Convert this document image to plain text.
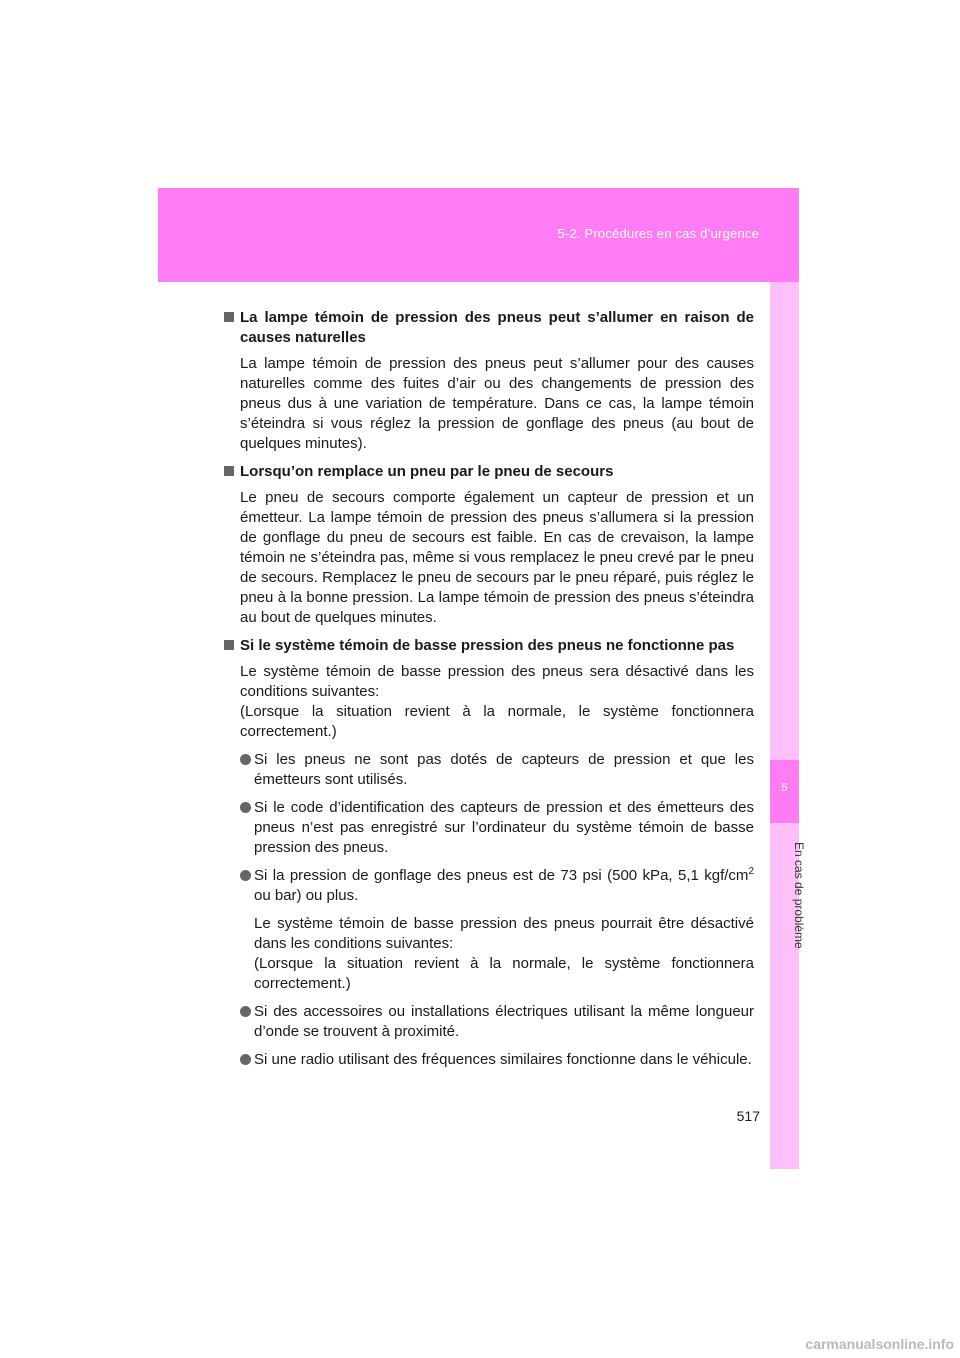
5-2. Procédures en cas d’urgence
5
En cas de problème
La lampe témoin de pression des pneus peut s’allumer en raison de causes naturelles
La lampe témoin de pression des pneus peut s’allumer pour des causes naturelles comme des fuites d’air ou des changements de pression des pneus dus à une variation de température. Dans ce cas, la lampe témoin s’éteindra si vous réglez la pression de gonflage des pneus (au bout de quelques minutes).
Lorsqu’on remplace un pneu par le pneu de secours
Le pneu de secours comporte également un capteur de pression et un émetteur. La lampe témoin de pression des pneus s’allumera si la pression de gonflage du pneu de secours est faible. En cas de crevaison, la lampe témoin ne s’éteindra pas, même si vous remplacez le pneu crevé par le pneu de secours. Remplacez le pneu de secours par le pneu réparé, puis réglez le pneu à la bonne pression. La lampe témoin de pression des pneus s’éteindra au bout de quelques minutes.
Si le système témoin de basse pression des pneus ne fonctionne pas
Le système témoin de basse pression des pneus sera désactivé dans les conditions suivantes:
(Lorsque la situation revient à la normale, le système fonctionnera correctement.)
Si les pneus ne sont pas dotés de capteurs de pression et que les émetteurs sont utilisés.
Si le code d’identification des capteurs de pression et des émetteurs des pneus n’est pas enregistré sur l’ordinateur du système témoin de basse pression des pneus.
Si la pression de gonflage des pneus est de 73 psi (500 kPa, 5,1 kgf/$cm^2$ ou bar) ou plus.
Le système témoin de basse pression des pneus pourrait être désactivé dans les conditions suivantes:
(Lorsque la situation revient à la normale, le système fonctionnera correctement.)
Si des accessoires ou installations électriques utilisant la même longueur d’onde se trouvent à proximité.
Si une radio utilisant des fréquences similaires fonctionne dans le véhicule.
517
carmanualsonline.info
